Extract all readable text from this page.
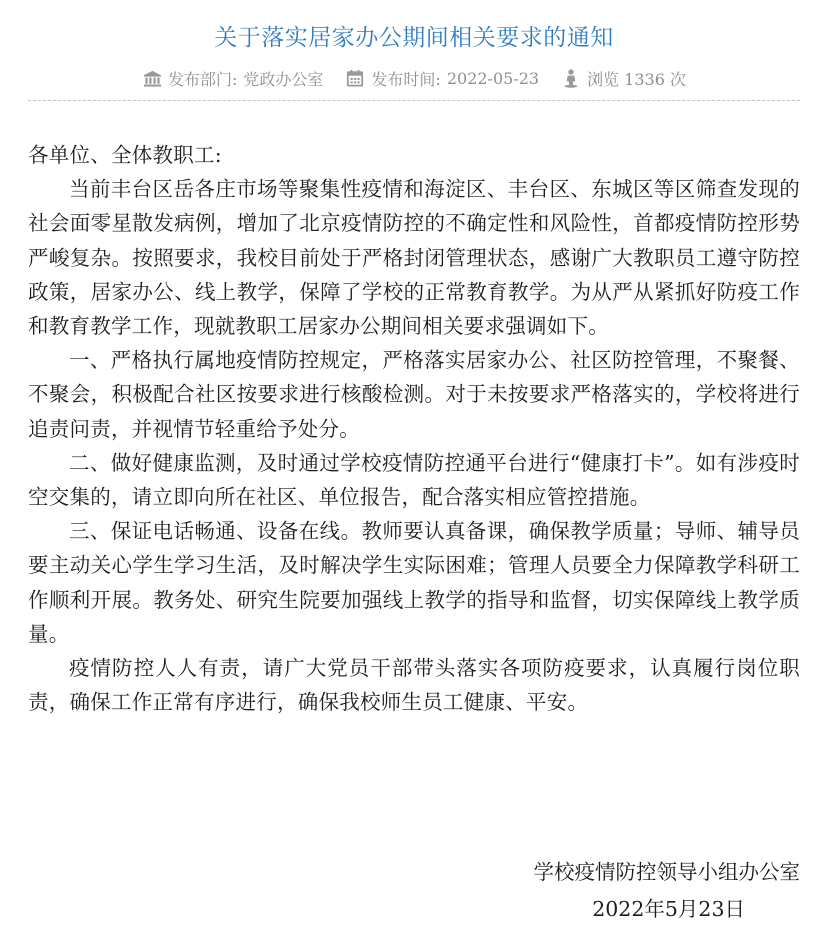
关于落实居家办公期间相关要求的通知
发布部门: 党政办公室	发布时间: 2022-05-23	浏览 1336 次

各单位、全体教职工:

当前丰台区岳各庄市场等聚集性疫情和海淀区、丰台区、东城区等区筛查发现的社会面零星散发病例，增加了北京疫情防控的不确定性和风险性，首都疫情防控形势严峻复杂。按照要求，我校目前处于严格封闭管理状态，感谢广大教职员工遵守防控政策，居家办公、线上教学，保障了学校的正常教育教学。为从严从紧抓好防疫工作和教育教学工作，现就教职工居家办公期间相关要求强调如下。

一、严格执行属地疫情防控规定，严格落实居家办公、社区防控管理，不聚餐、不聚会，积极配合社区按要求进行核酸检测。对于未按要求严格落实的，学校将进行追责问责，并视情节轻重给予处分。

二、做好健康监测，及时通过学校疫情防控通平台进行“健康打卡”。如有涉疫时空交集的，请立即向所在社区、单位报告，配合落实相应管控措施。

三、保证电话畅通、设备在线。教师要认真备课，确保教学质量；导师、辅导员要主动关心学生学习生活，及时解决学生实际困难；管理人员要全力保障教学科研工作顺利开展。教务处、研究生院要加强线上教学的指导和监督，切实保障线上教学质量。

疫情防控人人有责，请广大党员干部带头落实各项防疫要求，认真履行岗位职责，确保工作正常有序进行，确保我校师生员工健康、平安。

学校疫情防控领导小组办公室
2022年5月23日
